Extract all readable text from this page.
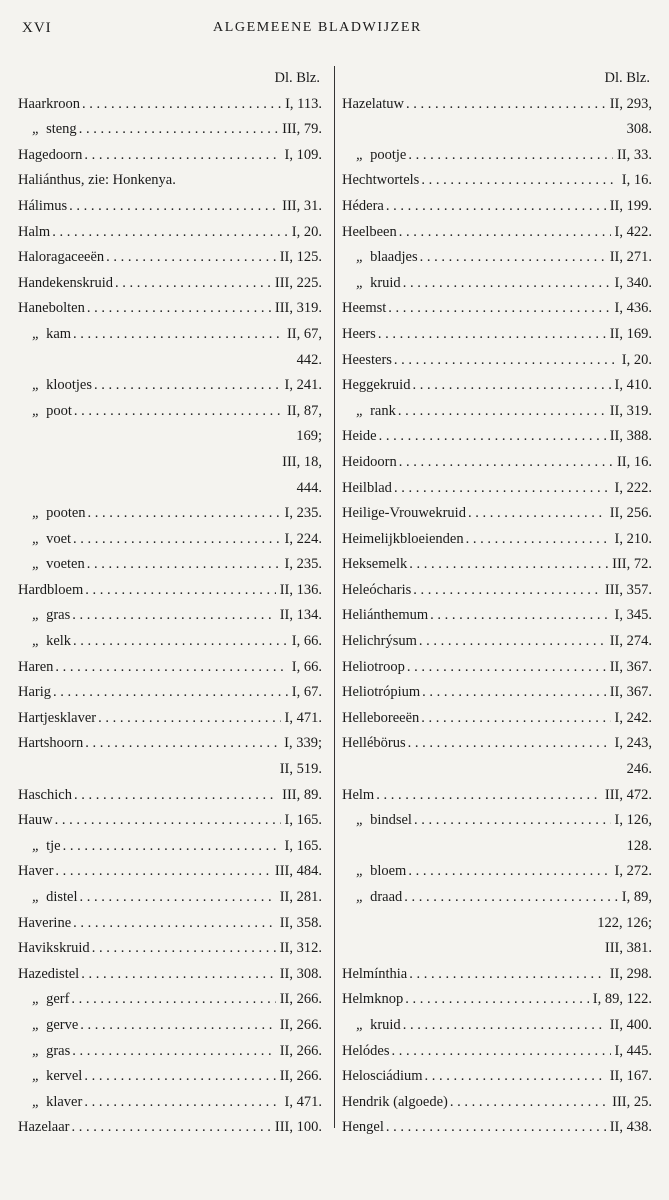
XVI	ALGEMEENE BLADWIJZER
Dl. Blz.
Haarkroon . . .	I, 113.
„ steng . . .	III, 79.
Hagedoorn . . .	I, 109.
Haliánthus, zie: Honkenya.
Hálimus . . .	III, 31.
Halm . . .	I, 20.
Haloragaceeën . . .	II, 125.
Handekenskruid . . .	III, 225.
Hanebolten . . .	III, 319.
„ kam . . .	II, 67,
442.
„ klootjes . . .	I, 241.
„ poot . . .	II, 87,
169;
III, 18,
444.
„ pooten . . .	I, 235.
„ voet . . .	I, 224.
„ voeten . . .	I, 235.
Hardbloem . . .	II, 136.
„ gras . . .	II, 134.
„ kelk . . .	I, 66.
Haren . . .	I, 66.
Harig . . .	I, 67.
Hartjesklaver . . .	I, 471.
Hartshoorn . . .	I, 339;
II, 519.
Haschich . . .	III, 89.
Hauw . . .	I, 165.
„ tje . . .	I, 165.
Haver . . .	III, 484.
„ distel . . .	II, 281.
Haverine . . .	II, 358.
Havikskruid . . .	II, 312.
Hazedistel . . .	II, 308.
„ gerf . . .	II, 266.
„ gerve . . .	II, 266.
„ gras . . .	II, 266.
„ kervel . . .	II, 266.
„ klaver . . .	I, 471.
Hazelaar . . .	III, 100.
Dl. Blz.
Hazelatuw . . .	II, 293,
308.
„ pootje . . .	II, 33.
Hechtwortels . . .	I, 16.
Hédera . . .	II, 199.
Heelbeen . . .	I, 422.
„ blaadjes . . .	II, 271.
„ kruid . . .	I, 340.
Heemst . . .	I, 436.
Heers . . .	II, 169.
Heesters . . .	I, 20.
Heggekruid . . .	I, 410.
„ rank . . .	II, 319.
Heide . . .	II, 388.
Heidoorn . . .	II, 16.
Heilblad . . .	I, 222.
Heilige-Vrouwekruid . . .	II, 256.
Heimelijkbloeienden . . .	I, 210.
Heksemelk . . .	III, 72.
Heleócharis . . .	III, 357.
Heliánthemum . . .	I, 345.
Helichrýsum . . .	II, 274.
Heliotroop . . .	II, 367.
Heliotrópium . . .	II, 367.
Helleboreeën . . .	I, 242.
Hellébörus . . .	I, 243,
246.
Helm . . .	III, 472.
„ bindsel . . .	I, 126,
128.
„ bloem . . .	I, 272.
„ draad . . .	I, 89,
122, 126;
III, 381.
Helmínthia . . .	II, 298.
Helmknop . . .	I, 89, 122.
„ kruid . . .	II, 400.
Helódes . . .	I, 445.
Helosciádium . . .	II, 167.
Hendrik (algoede) . . .	III, 25.
Hengel . . .	II, 438.
